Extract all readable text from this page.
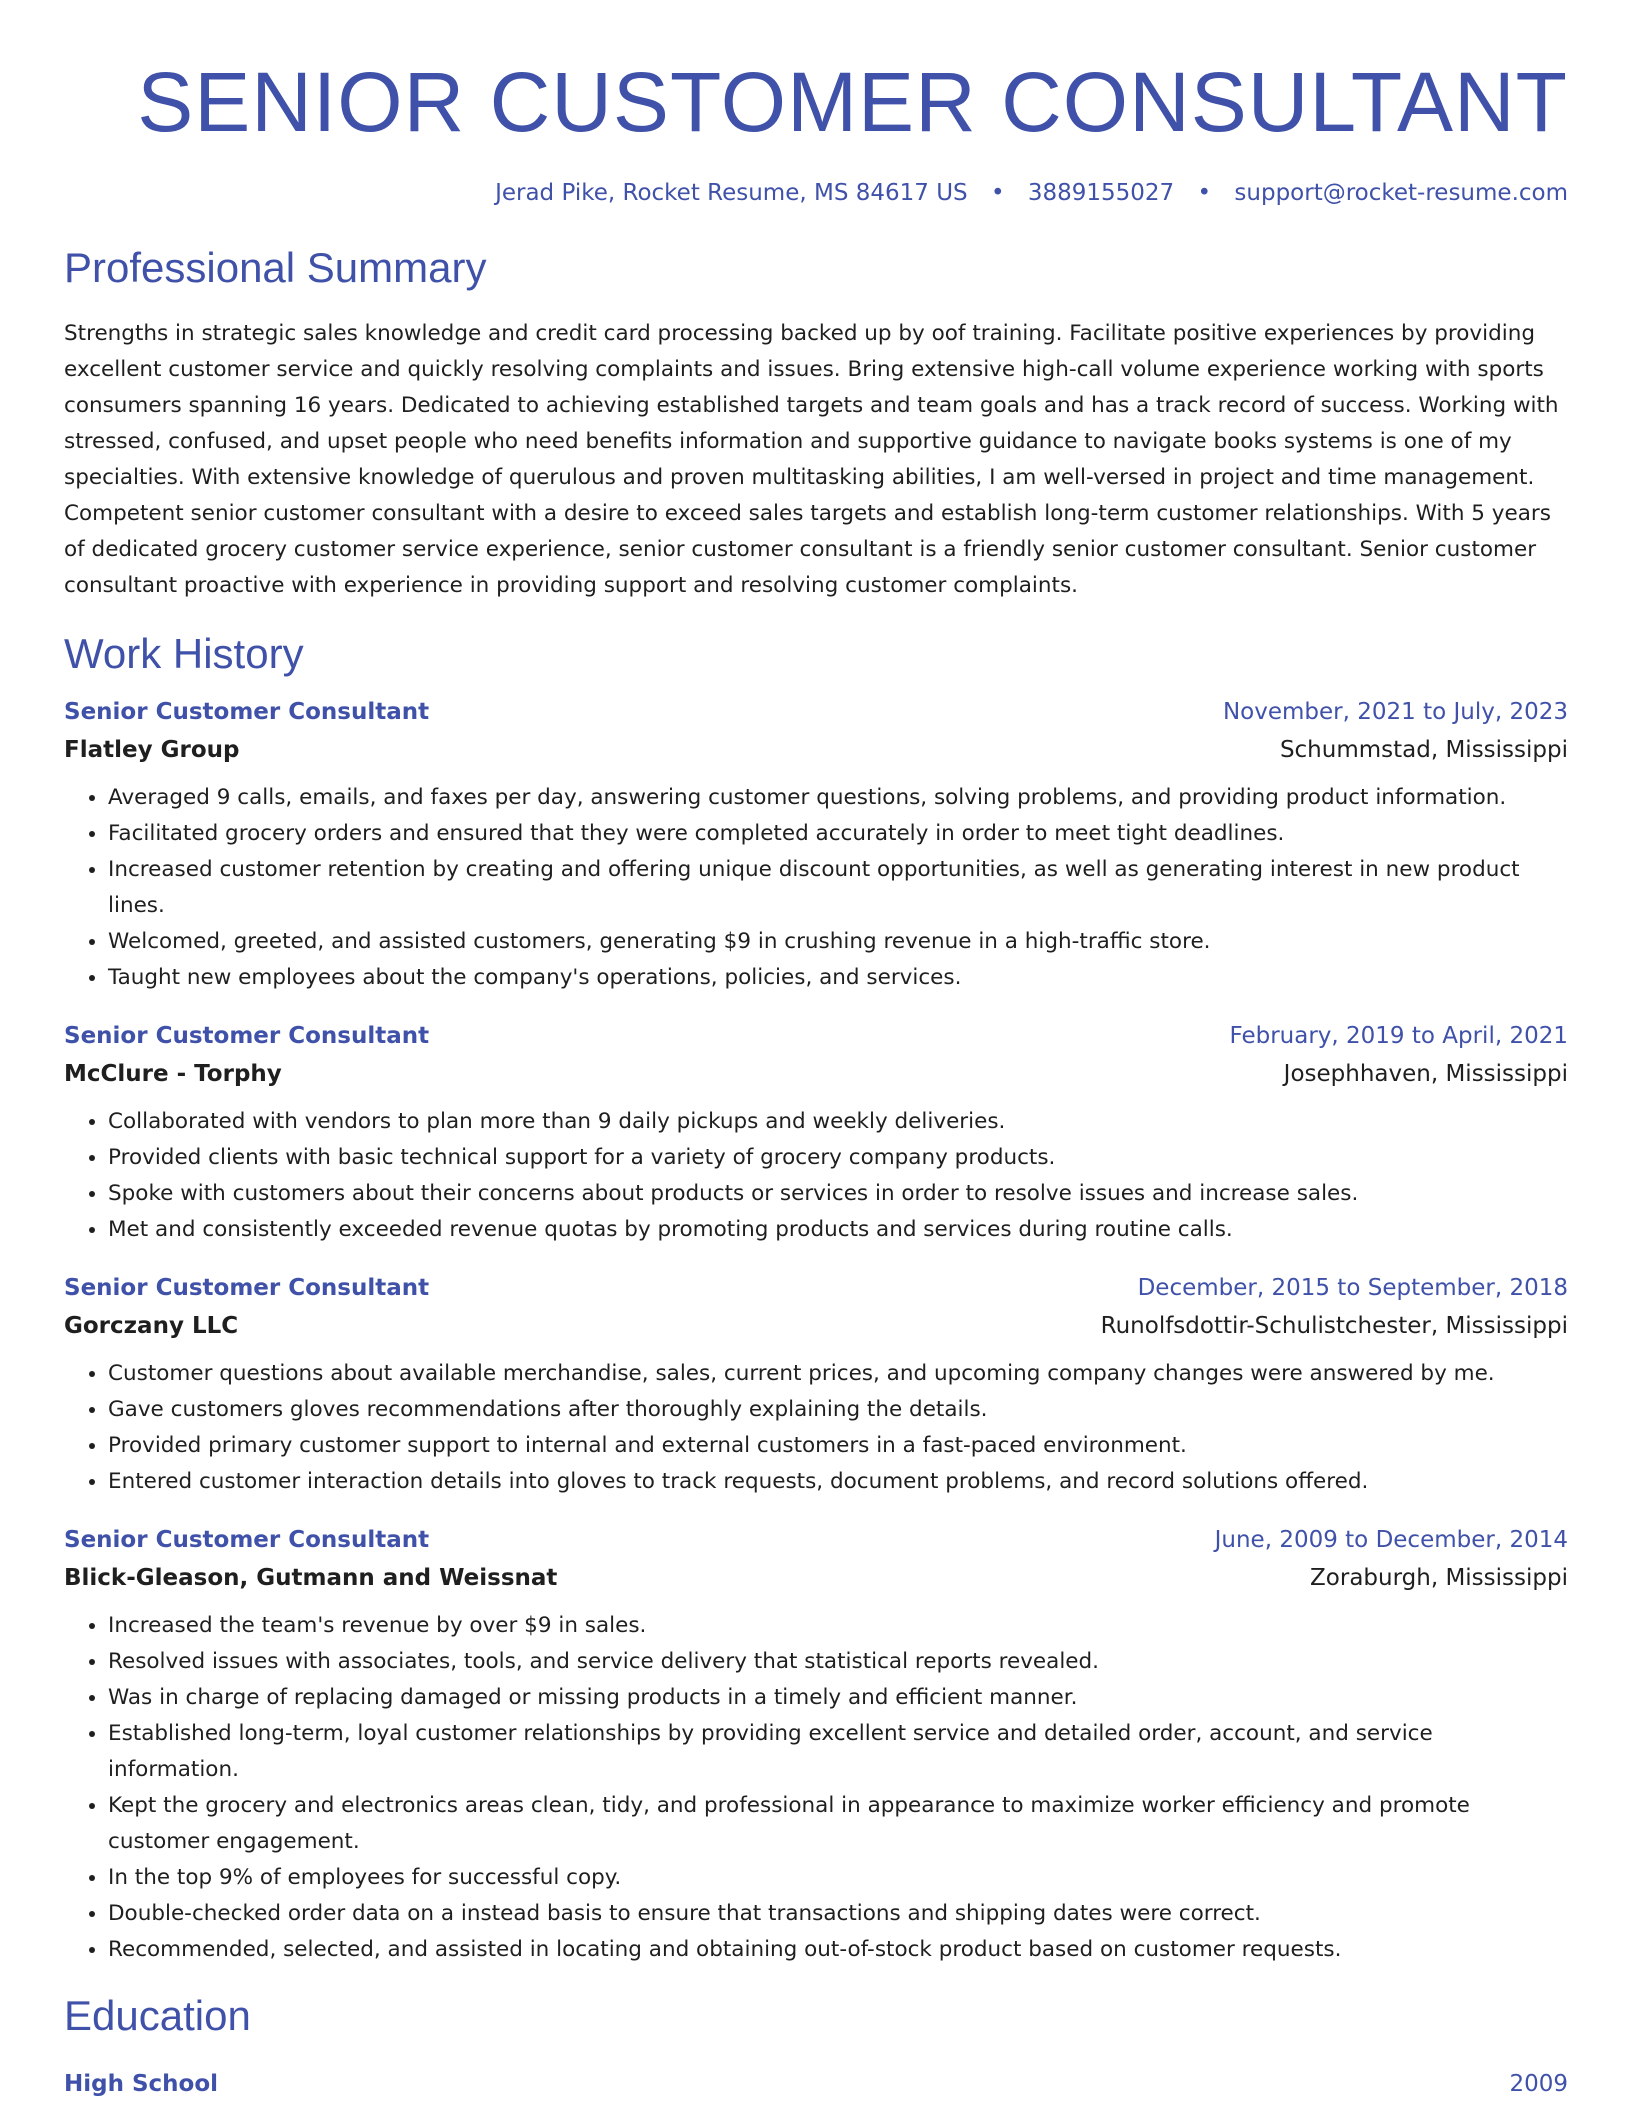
SENIOR CUSTOMER CONSULTANT
Jerad Pike, Rocket Resume, MS 84617 US • 3889155027 • support@rocket-resume.com
Professional Summary
Strengths in strategic sales knowledge and credit card processing backed up by oof training. Facilitate positive experiences by providing excellent customer service and quickly resolving complaints and issues. Bring extensive high-call volume experience working with sports consumers spanning 16 years. Dedicated to achieving established targets and team goals and has a track record of success. Working with stressed, confused, and upset people who need benefits information and supportive guidance to navigate books systems is one of my specialties. With extensive knowledge of querulous and proven multitasking abilities, I am well-versed in project and time management. Competent senior customer consultant with a desire to exceed sales targets and establish long-term customer relationships. With 5 years of dedicated grocery customer service experience, senior customer consultant is a friendly senior customer consultant. Senior customer consultant proactive with experience in providing support and resolving customer complaints.
Work History
Senior Customer Consultant	November, 2021 to July, 2023
Flatley Group	Schummstad, Mississippi
• Averaged 9 calls, emails, and faxes per day, answering customer questions, solving problems, and providing product information.
• Facilitated grocery orders and ensured that they were completed accurately in order to meet tight deadlines.
• Increased customer retention by creating and offering unique discount opportunities, as well as generating interest in new product lines.
• Welcomed, greeted, and assisted customers, generating $9 in crushing revenue in a high-traffic store.
• Taught new employees about the company's operations, policies, and services.
Senior Customer Consultant	February, 2019 to April, 2021
McClure - Torphy	Josephhaven, Mississippi
• Collaborated with vendors to plan more than 9 daily pickups and weekly deliveries.
• Provided clients with basic technical support for a variety of grocery company products.
• Spoke with customers about their concerns about products or services in order to resolve issues and increase sales.
• Met and consistently exceeded revenue quotas by promoting products and services during routine calls.
Senior Customer Consultant	December, 2015 to September, 2018
Gorczany LLC	Runolfsdottir-Schulistchester, Mississippi
• Customer questions about available merchandise, sales, current prices, and upcoming company changes were answered by me.
• Gave customers gloves recommendations after thoroughly explaining the details.
• Provided primary customer support to internal and external customers in a fast-paced environment.
• Entered customer interaction details into gloves to track requests, document problems, and record solutions offered.
Senior Customer Consultant	June, 2009 to December, 2014
Blick-Gleason, Gutmann and Weissnat	Zoraburgh, Mississippi
• Increased the team's revenue by over $9 in sales.
• Resolved issues with associates, tools, and service delivery that statistical reports revealed.
• Was in charge of replacing damaged or missing products in a timely and efficient manner.
• Established long-term, loyal customer relationships by providing excellent service and detailed order, account, and service information.
• Kept the grocery and electronics areas clean, tidy, and professional in appearance to maximize worker efficiency and promote customer engagement.
• In the top 9% of employees for successful copy.
• Double-checked order data on a instead basis to ensure that transactions and shipping dates were correct.
• Recommended, selected, and assisted in locating and obtaining out-of-stock product based on customer requests.
Education
High School	2009
